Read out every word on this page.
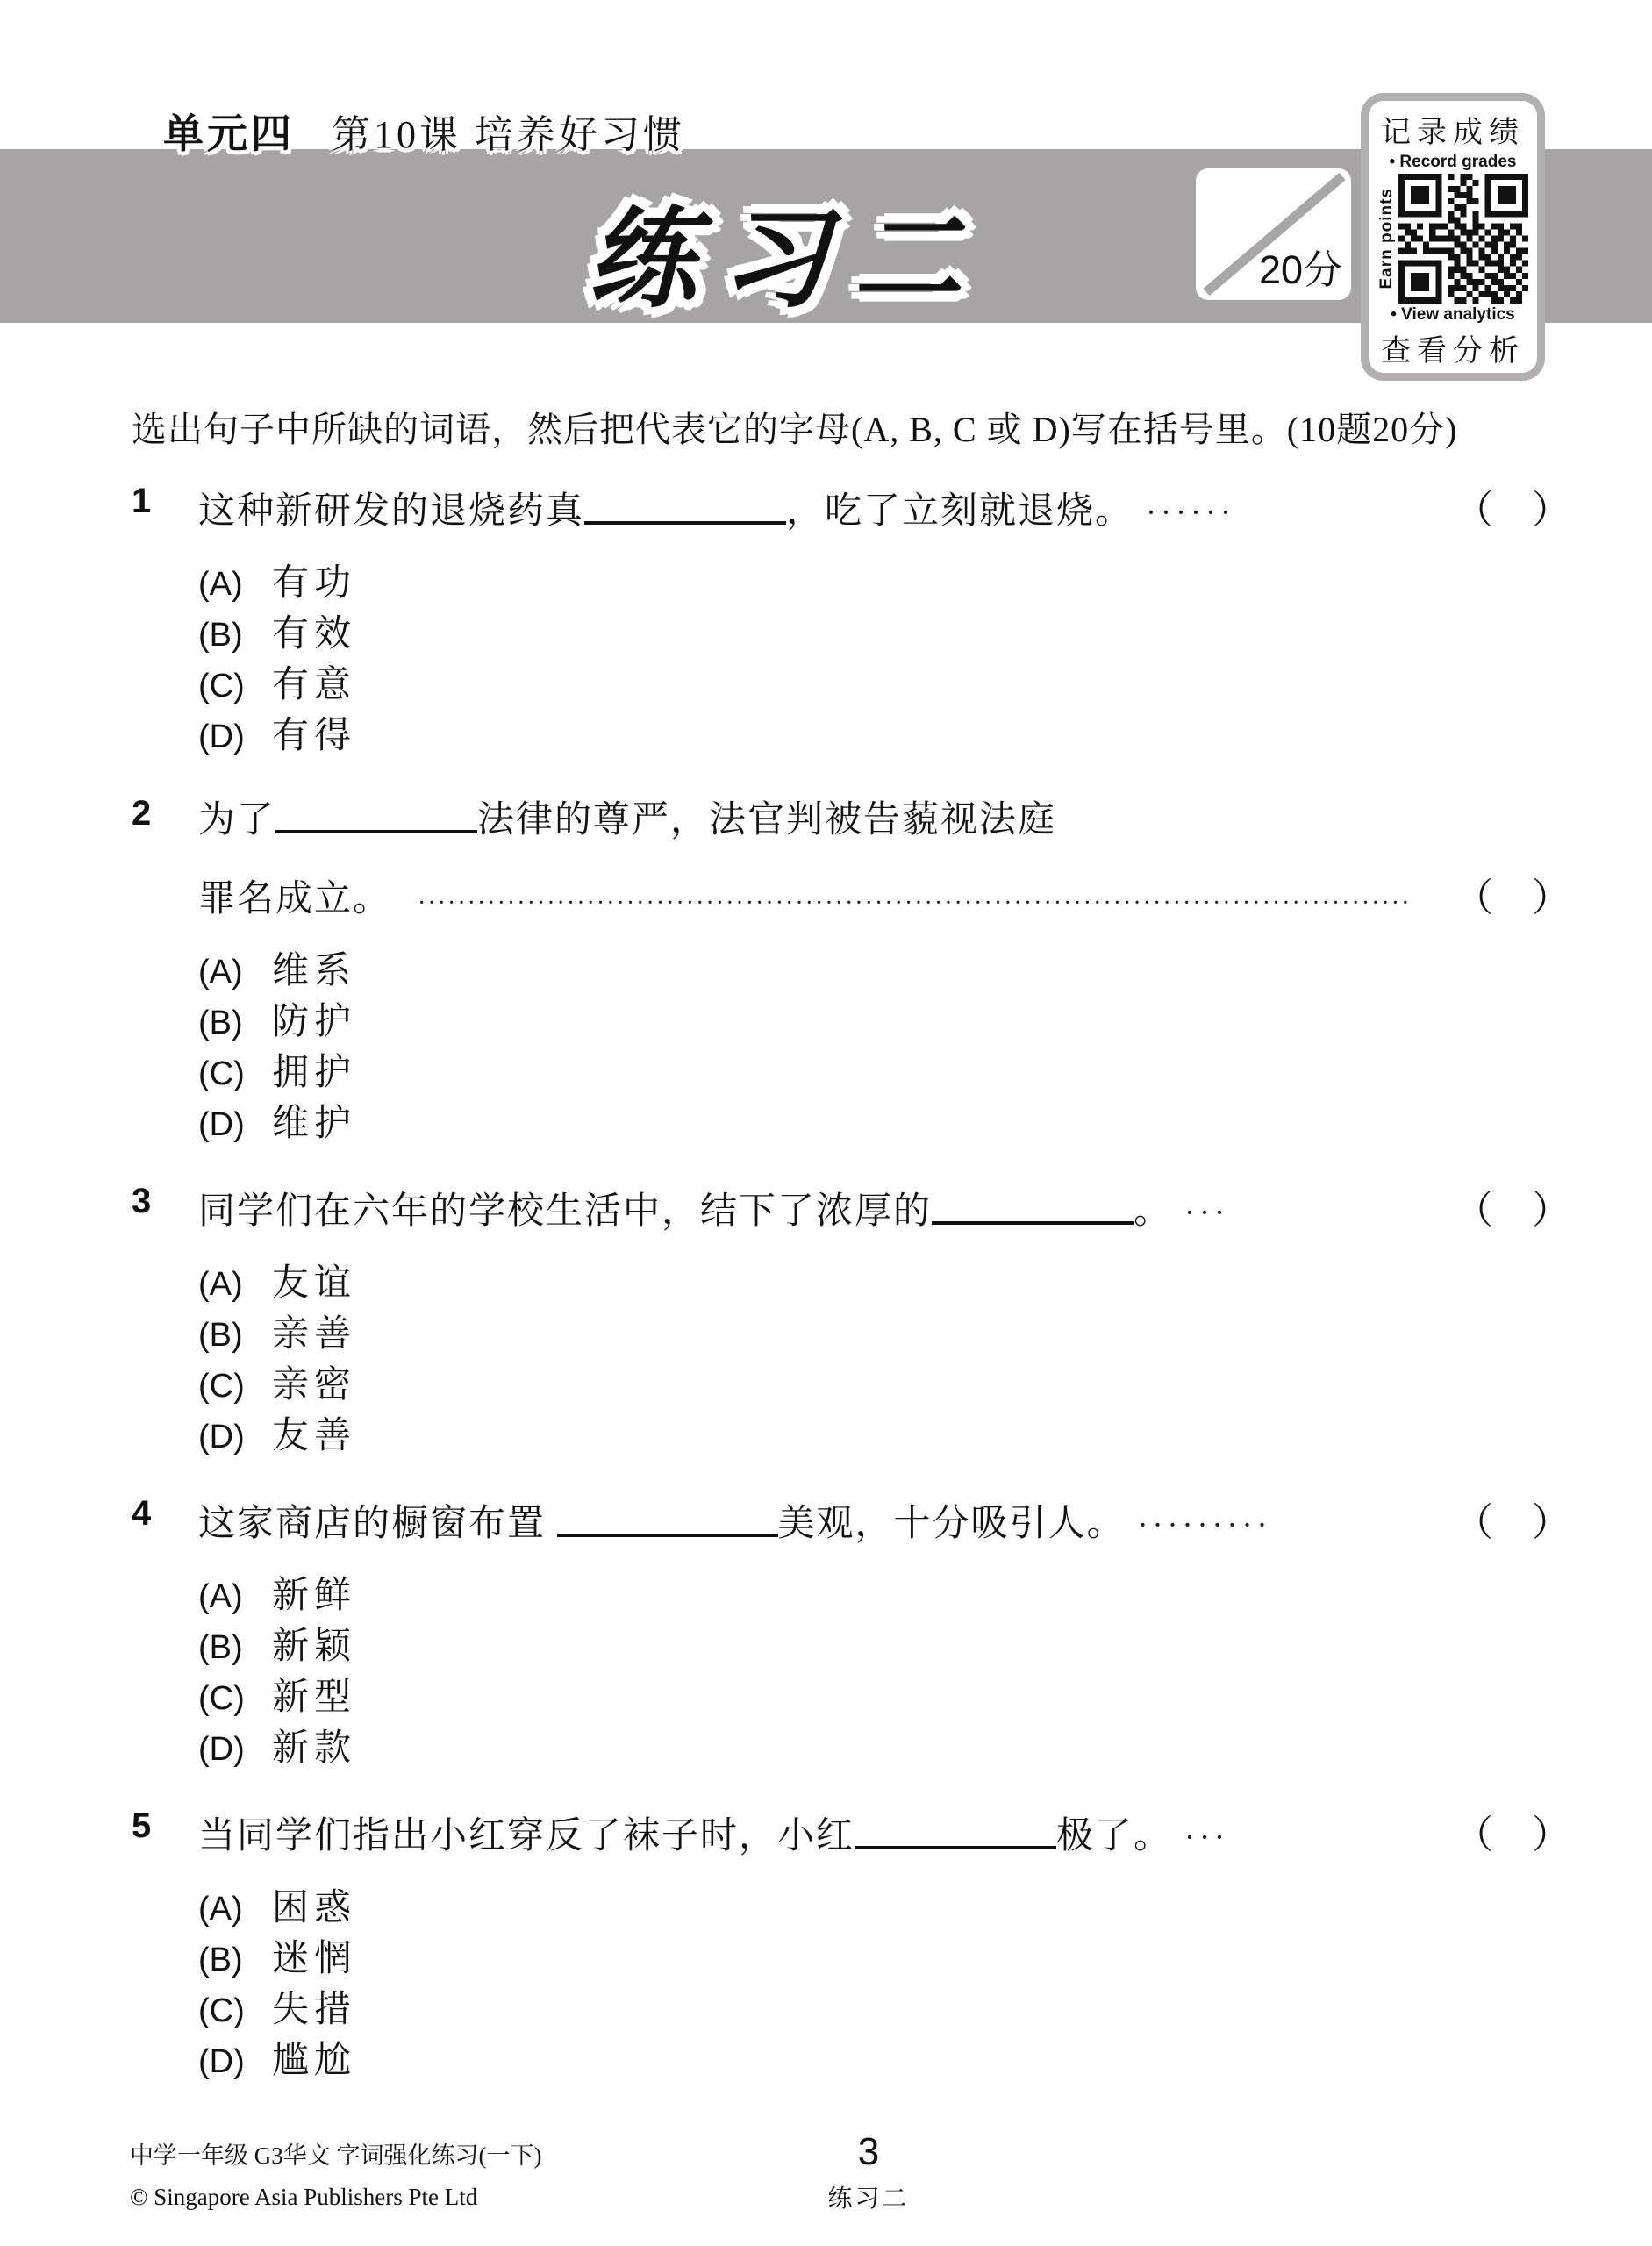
单元四 第10课 培养好习惯
练习二	20分
记录成绩
• Record grades
Earn points
• View analytics
查看分析
选出句子中所缺的词语，然后把代表它的字母(A, B, C 或 D)写在括号里。(10题20分)
1	这种新研发的退烧药真	，吃了立刻就退烧。 ······	（ ）
(A) 有功
(B) 有效
(C) 有意
(D) 有得
2	为了	法律的尊严，法官判被告藐视法庭
罪名成立。 ····································································································	（ ）
(A) 维系
(B) 防护
(C) 拥护
(D) 维护
3	同学们在六年的学校生活中，结下了浓厚的	。 ···	（ ）
(A) 友谊
(B) 亲善
(C) 亲密
(D) 友善
4	这家商店的橱窗布置	美观，十分吸引人。 ·········	（ ）
(A) 新鲜
(B) 新颖
(C) 新型
(D) 新款
5	当同学们指出小红穿反了袜子时，小红	极了。 ···	（ ）
(A) 困惑
(B) 迷惘
(C) 失措
(D) 尴尬
中学一年级 G3华文 字词强化练习(一下)
© Singapore Asia Publishers Pte Ltd
3
练习二
